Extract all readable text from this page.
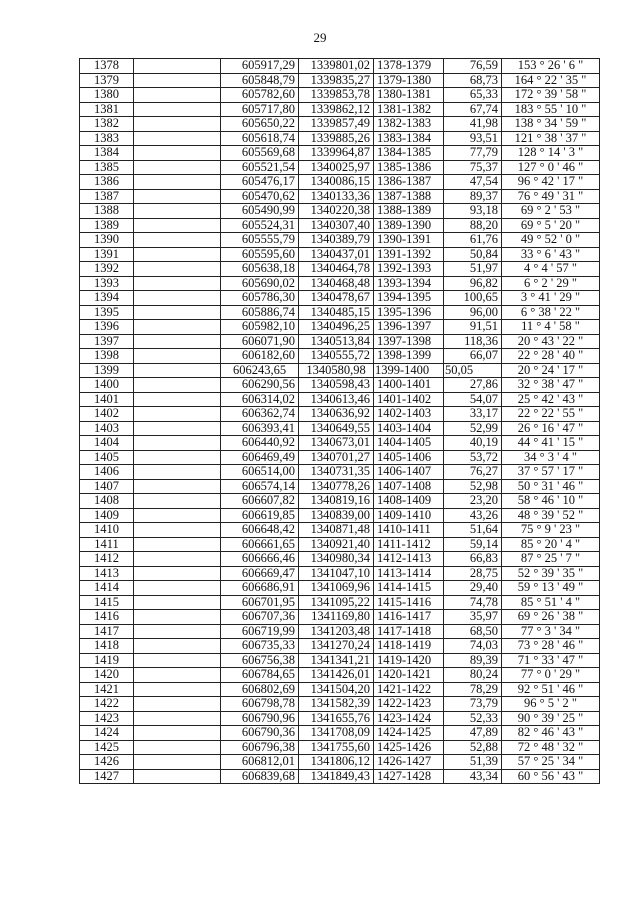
29
1378		605917,29	1339801,02	1378-1379	76,59	153 ° 26 ' 6 "
1379		605848,79	1339835,27	1379-1380	68,73	164 ° 22 ' 35 "
1380		605782,60	1339853,78	1380-1381	65,33	172 ° 39 ' 58 "
1381		605717,80	1339862,12	1381-1382	67,74	183 ° 55 ' 10 "
1382		605650,22	1339857,49	1382-1383	41,98	138 ° 34 ' 59 "
1383		605618,74	1339885,26	1383-1384	93,51	121 ° 38 ' 37 "
1384		605569,68	1339964,87	1384-1385	77,79	128 ° 14 ' 3 "
1385		605521,54	1340025,97	1385-1386	75,37	127 ° 0 ' 46 "
1386		605476,17	1340086,15	1386-1387	47,54	96 ° 42 ' 17 "
1387		605470,62	1340133,36	1387-1388	89,37	76 ° 49 ' 31 "
1388		605490,99	1340220,38	1388-1389	93,18	69 ° 2 ' 53 "
1389		605524,31	1340307,40	1389-1390	88,20	69 ° 5 ' 20 "
1390		605555,79	1340389,79	1390-1391	61,76	49 ° 52 ' 0 "
1391		605595,60	1340437,01	1391-1392	50,84	33 ° 6 ' 43 "
1392		605638,18	1340464,78	1392-1393	51,97	4 ° 4 ' 57 "
1393		605690,02	1340468,48	1393-1394	96,82	6 ° 2 ' 29 "
1394		605786,30	1340478,67	1394-1395	100,65	3 ° 41 ' 29 "
1395		605886,74	1340485,15	1395-1396	96,00	6 ° 38 ' 22 "
1396		605982,10	1340496,25	1396-1397	91,51	11 ° 4 ' 58 "
1397		606071,90	1340513,84	1397-1398	118,36	20 ° 43 ' 22 "
1398		606182,60	1340555,72	1398-1399	66,07	22 ° 28 ' 40 "
1399		606243,65	1340580,98	1399-1400	50,05	20 ° 24 ' 17 "
1400		606290,56	1340598,43	1400-1401	27,86	32 ° 38 ' 47 "
1401		606314,02	1340613,46	1401-1402	54,07	25 ° 42 ' 43 "
1402		606362,74	1340636,92	1402-1403	33,17	22 ° 22 ' 55 "
1403		606393,41	1340649,55	1403-1404	52,99	26 ° 16 ' 47 "
1404		606440,92	1340673,01	1404-1405	40,19	44 ° 41 ' 15 "
1405		606469,49	1340701,27	1405-1406	53,72	34 ° 3 ' 4 "
1406		606514,00	1340731,35	1406-1407	76,27	37 ° 57 ' 17 "
1407		606574,14	1340778,26	1407-1408	52,98	50 ° 31 ' 46 "
1408		606607,82	1340819,16	1408-1409	23,20	58 ° 46 ' 10 "
1409		606619,85	1340839,00	1409-1410	43,26	48 ° 39 ' 52 "
1410		606648,42	1340871,48	1410-1411	51,64	75 ° 9 ' 23 "
1411		606661,65	1340921,40	1411-1412	59,14	85 ° 20 ' 4 "
1412		606666,46	1340980,34	1412-1413	66,83	87 ° 25 ' 7 "
1413		606669,47	1341047,10	1413-1414	28,75	52 ° 39 ' 35 "
1414		606686,91	1341069,96	1414-1415	29,40	59 ° 13 ' 49 "
1415		606701,95	1341095,22	1415-1416	74,78	85 ° 51 ' 4 "
1416		606707,36	1341169,80	1416-1417	35,97	69 ° 26 ' 38 "
1417		606719,99	1341203,48	1417-1418	68,50	77 ° 3 ' 34 "
1418		606735,33	1341270,24	1418-1419	74,03	73 ° 28 ' 46 "
1419		606756,38	1341341,21	1419-1420	89,39	71 ° 33 ' 47 "
1420		606784,65	1341426,01	1420-1421	80,24	77 ° 0 ' 29 "
1421		606802,69	1341504,20	1421-1422	78,29	92 ° 51 ' 46 "
1422		606798,78	1341582,39	1422-1423	73,79	96 ° 5 ' 2 "
1423		606790,96	1341655,76	1423-1424	52,33	90 ° 39 ' 25 "
1424		606790,36	1341708,09	1424-1425	47,89	82 ° 46 ' 43 "
1425		606796,38	1341755,60	1425-1426	52,88	72 ° 48 ' 32 "
1426		606812,01	1341806,12	1426-1427	51,39	57 ° 25 ' 34 "
1427		606839,68	1341849,43	1427-1428	43,34	60 ° 56 ' 43 "
